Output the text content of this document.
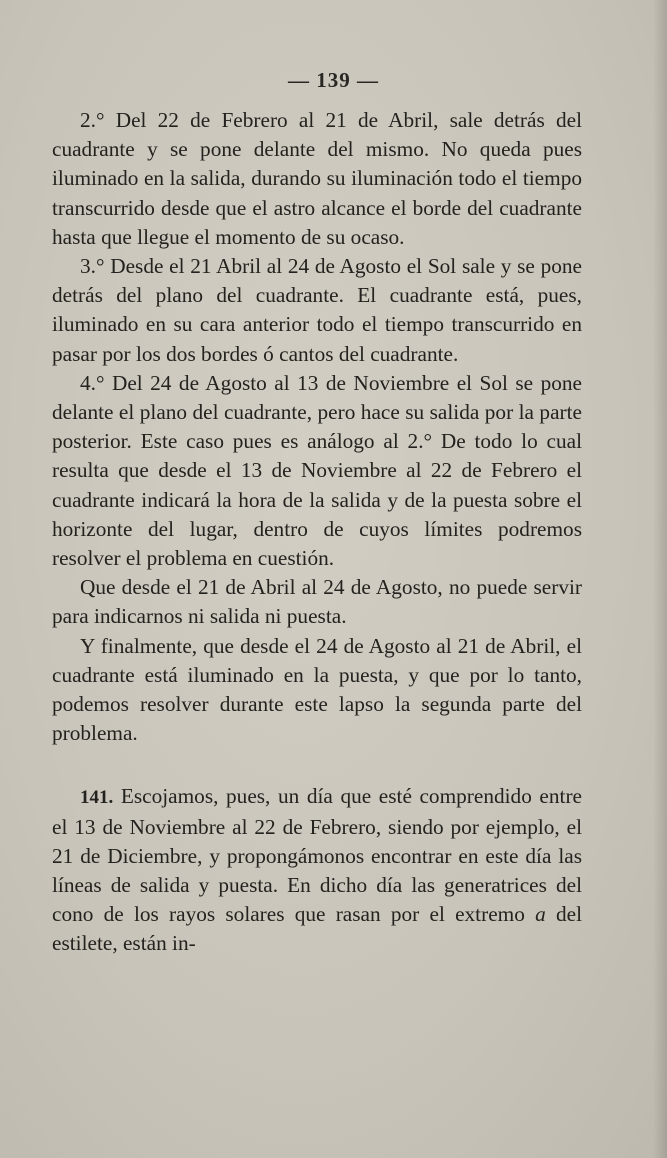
— 139 —

2.° Del 22 de Febrero al 21 de Abril, sale detrás del cuadrante y se pone delante del mismo. No queda pues iluminado en la salida, durando su iluminación todo el tiempo transcurrido desde que el astro alcance el borde del cuadrante hasta que llegue el momento de su ocaso.

3.° Desde el 21 Abril al 24 de Agosto el Sol sale y se pone detrás del plano del cuadrante. El cuadrante está, pues, iluminado en su cara anterior todo el tiempo transcurrido en pasar por los dos bordes ó cantos del cuadrante.

4.° Del 24 de Agosto al 13 de Noviembre el Sol se pone delante el plano del cuadrante, pero hace su salida por la parte posterior. Este caso pues es análogo al 2.° De todo lo cual resulta que desde el 13 de Noviembre al 22 de Febrero el cuadrante indicará la hora de la salida y de la puesta sobre el horizonte del lugar, dentro de cuyos límites podremos resolver el problema en cuestión.

Que desde el 21 de Abril al 24 de Agosto, no puede servir para indicarnos ni salida ni puesta.

Y finalmente, que desde el 24 de Agosto al 21 de Abril, el cuadrante está iluminado en la puesta, y que por lo tanto, podemos resolver durante este lapso la segunda parte del problema.

141. Escojamos, pues, un día que esté comprendido entre el 13 de Noviembre al 22 de Febrero, siendo por ejemplo, el 21 de Diciembre, y propongámonos encontrar en este día las líneas de salida y puesta. En dicho día las generatrices del cono de los rayos solares que rasan por el extremo a del estilete, están in-
